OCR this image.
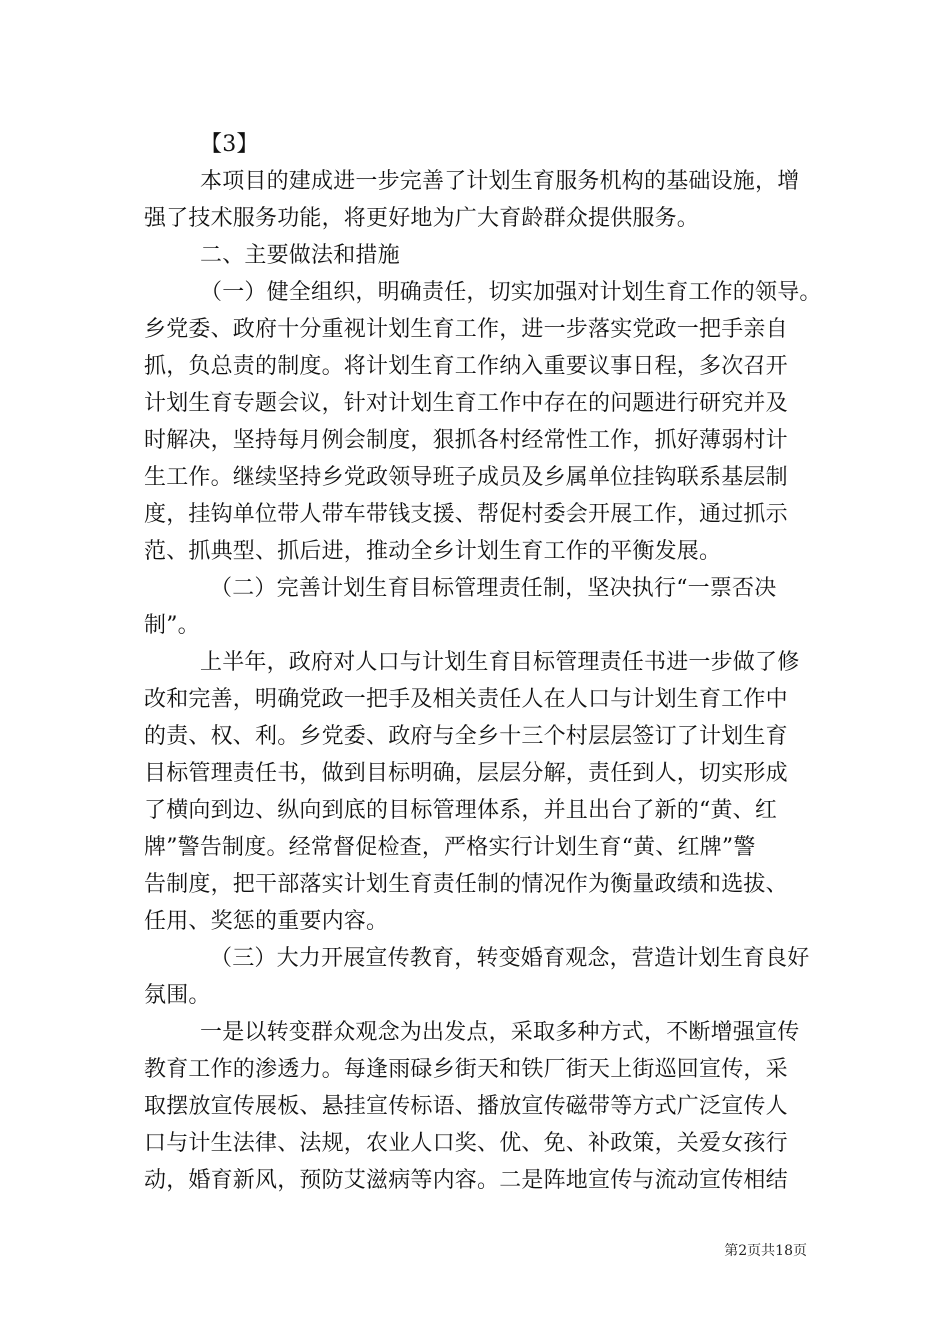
【3】
本项目的建成进一步完善了计划生育服务机构的基础设施，增
强了技术服务功能，将更好地为广大育龄群众提供服务。
二、主要做法和措施
（一）健全组织，明确责任，切实加强对计划生育工作的领导。
乡党委、政府十分重视计划生育工作，进一步落实党政一把手亲自
抓，负总责的制度。将计划生育工作纳入重要议事日程，多次召开
计划生育专题会议，针对计划生育工作中存在的问题进行研究并及
时解决，坚持每月例会制度，狠抓各村经常性工作，抓好薄弱村计
生工作。继续坚持乡党政领导班子成员及乡属单位挂钩联系基层制
度，挂钩单位带人带车带钱支援、帮促村委会开展工作，通过抓示
范、抓典型、抓后进，推动全乡计划生育工作的平衡发展。
（二）完善计划生育目标管理责任制，坚决执行“一票否决
制”。
上半年，政府对人口与计划生育目标管理责任书进一步做了修
改和完善，明确党政一把手及相关责任人在人口与计划生育工作中
的责、权、利。乡党委、政府与全乡十三个村层层签订了计划生育
目标管理责任书，做到目标明确，层层分解，责任到人，切实形成
了横向到边、纵向到底的目标管理体系，并且出台了新的“黄、红
牌”警告制度。经常督促检查，严格实行计划生育“黄、红牌”警
告制度，把干部落实计划生育责任制的情况作为衡量政绩和选拔、
任用、奖惩的重要内容。
（三）大力开展宣传教育，转变婚育观念，营造计划生育良好
氛围。
一是以转变群众观念为出发点，采取多种方式，不断增强宣传
教育工作的渗透力。每逢雨碌乡街天和铁厂街天上街巡回宣传，采
取摆放宣传展板、悬挂宣传标语、播放宣传磁带等方式广泛宣传人
口与计生法律、法规，农业人口奖、优、免、补政策，关爱女孩行
动，婚育新风，预防艾滋病等内容。二是阵地宣传与流动宣传相结
第2页共18页
